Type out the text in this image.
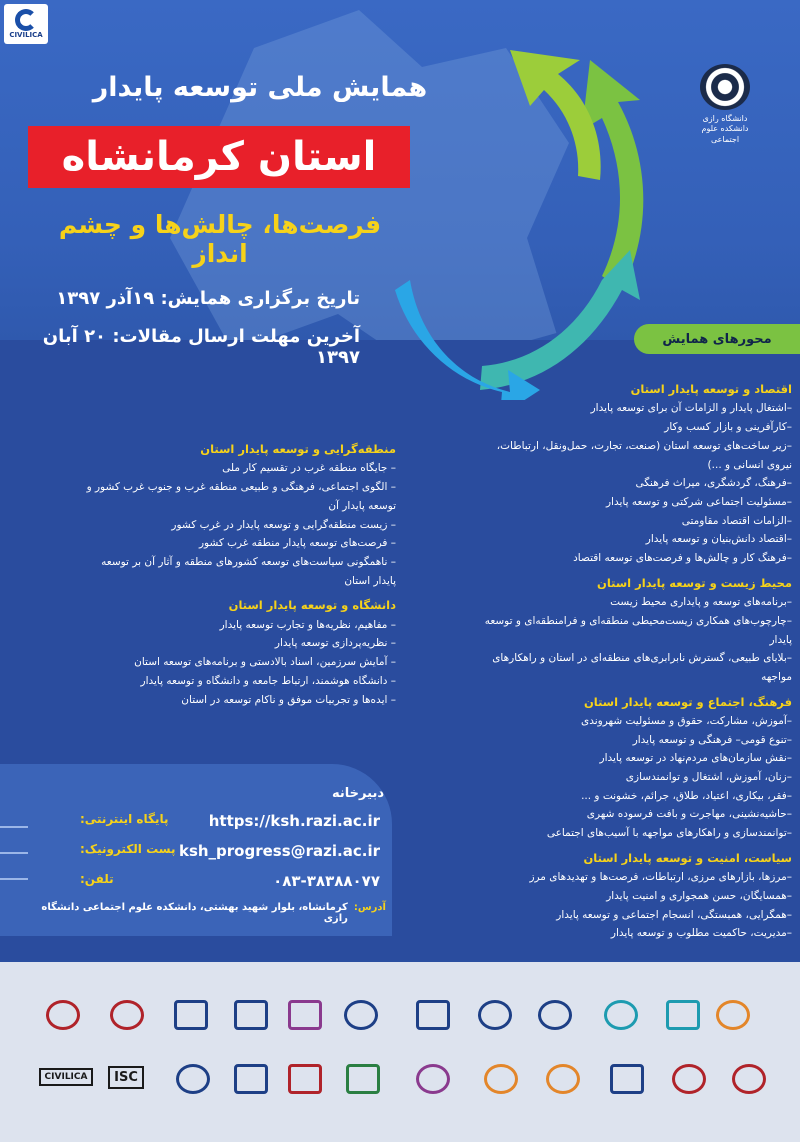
CIVILICA
دانشگاه رازی دانشکده علوم اجتماعی
همایش ملی توسعه پایدار
استان کرمانشاه
فرصت‌ها، چالش‌ها و چشم انداز
تاریخ برگزاری همایش: ۱۹آذر ۱۳۹۷
آخرین مهلت ارسال مقالات: ۲۰ آبان ۱۳۹۷
محورهای همایش
اقتصاد و توسعه پایدار استان
–اشتغال پایدار و الزامات آن برای توسعه پایدار
–کارآفرینی و بازار کسب وکار
–زیر ساخت‌های توسعه استان (صنعت، تجارت، حمل‌ونقل، ارتباطات،
نیروی انسانی و ...)
–فرهنگ، گردشگری، میراث فرهنگی
–مسئولیت اجتماعی شرکتی و توسعه پایدار
–الزامات اقتصاد مقاومتی
–اقتصاد دانش‌بنیان و توسعه پایدار
–فرهنگ کار و چالش‌ها و فرصت‌های توسعه اقتصاد
محیط زیست و توسعه پایدار استان
–برنامه‌های توسعه و پایداری محیط زیست
–چارچوب‌های همکاری زیست‌محیطی منطقه‌ای و فرامنطقه‌ای و توسعه
پایدار
–بلایای طبیعی، گسترش نابرابری‌های منطقه‌ای در استان و راهکارهای
مواجهه
فرهنگ، اجتماع و توسعه پایدار استان
–آموزش، مشارکت، حقوق و مسئولیت شهروندی
–تنوع قومی– فرهنگی و توسعه پایدار
–نقش سازمان‌های مردم‌نهاد در توسعه پایدار
–زنان، آموزش، اشتغال و توانمندسازی
–فقر، بیکاری، اعتیاد، طلاق، جرائم، خشونت و ...
–حاشیه‌نشینی، مهاجرت و بافت فرسوده شهری
–توانمندسازی و راهکارهای مواجهه با آسیب‌های اجتماعی
سیاست، امنیت و توسعه پایدار استان
–مرزها، بازارهای مرزی، ارتباطات، فرصت‌ها و تهدیدهای مرز
–همسایگان، حسن همجواری و امنیت پایدار
–همگرایی، همبستگی، انسجام اجتماعی و توسعه پایدار
–مدیریت، حاکمیت مطلوب و توسعه پایدار
منطقه‌گرایی و توسعه پایدار استان
– جایگاه منطقه غرب در تقسیم کار ملی
– الگوی اجتماعی، فرهنگی و طبیعی منطقه غرب و جنوب غرب کشور و
توسعه پایدار آن
– زیست منطقه‌گرایی و توسعه پایدار در غرب کشور
– فرصت‌های توسعه پایدار منطقه غرب کشور
– ناهمگونی سیاست‌های توسعه کشورهای منطقه و آثار آن بر توسعه
پایدار استان
دانشگاه و توسعه پایدار استان
– مفاهیم، نظریه‌ها و تجارب توسعه پایدار
– نظریه‌پردازی توسعه پایدار
– آمایش سرزمین، اسناد بالادستی و برنامه‌های توسعه استان
– دانشگاه هوشمند، ارتباط جامعه و دانشگاه و توسعه پایدار
– ایده‌ها و تجربیات موفق و ناکام توسعه در استان
دبیرخانه
پایگاه اینترنتی:	https://ksh.razi.ac.ir
پست الکترونیک: ksh_progress@razi.ac.ir
تلفن:	۰۸۳-۳۸۳۸۸۰۷۷
آدرس:
کرمانشاه، بلوار شهید بهشتی، دانشکده علوم اجتماعی دانشگاه رازی
CIVILICA	ISC
